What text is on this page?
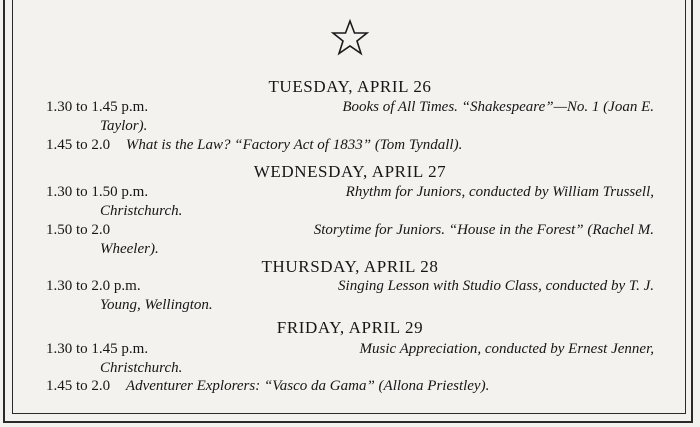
TUESDAY, APRIL 26
1.30 to 1.45 p.m.	Books of All Times. “Shakespeare”—No. 1 (Joan E.
Taylor).
1.45 to 2.0 What is the Law? “Factory Act of 1833” (Tom Tyndall).
WEDNESDAY, APRIL 27
1.30 to 1.50 p.m.	Rhythm for Juniors, conducted by William Trussell,
Christchurch.
1.50 to 2.0	Storytime for Juniors. “House in the Forest” (Rachel M.
Wheeler).
THURSDAY, APRIL 28
1.30 to 2.0 p.m.	Singing Lesson with Studio Class, conducted by T. J.
Young, Wellington.
FRIDAY, APRIL 29
1.30 to 1.45 p.m.	Music Appreciation, conducted by Ernest Jenner,
Christchurch.
1.45 to 2.0 Adventurer Explorers: “Vasco da Gama” (Allona Priestley).
